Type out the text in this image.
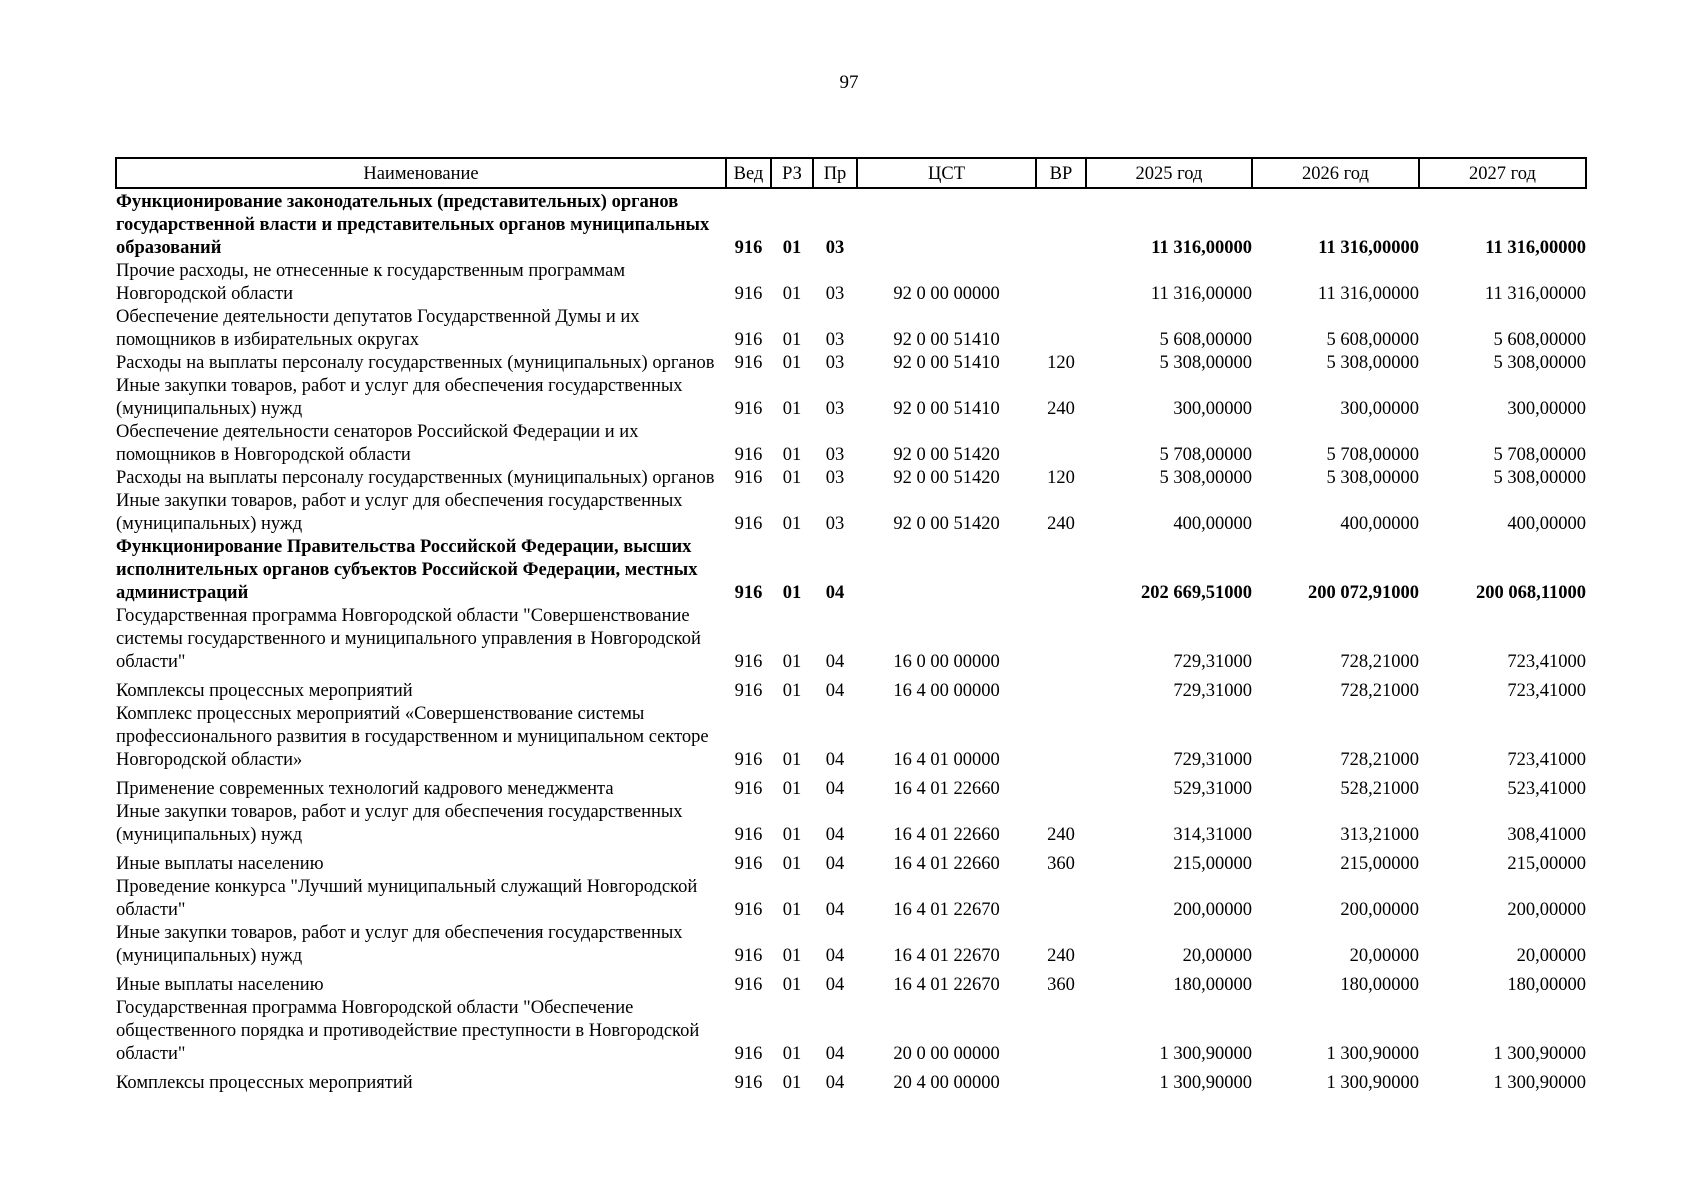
97
Наименование	Вед	РЗ	Пр	ЦСТ	ВР	2025 год	2026 год	2027 год
Функционирование законодательных (представительных) органов государственной власти и представительных органов муниципальных образований	916	01	03			11 316,00000	11 316,00000	11 316,00000
Прочие расходы, не отнесенные к государственным программам Новгородской области	916	01	03	92 0 00 00000		11 316,00000	11 316,00000	11 316,00000
Обеспечение деятельности депутатов Государственной Думы и их помощников в избирательных округах	916	01	03	92 0 00 51410		5 608,00000	5 608,00000	5 608,00000
Расходы на выплаты персоналу государственных (муниципальных) органов	916	01	03	92 0 00 51410	120	5 308,00000	5 308,00000	5 308,00000
Иные закупки товаров, работ и услуг для обеспечения государственных (муниципальных) нужд	916	01	03	92 0 00 51410	240	300,00000	300,00000	300,00000
Обеспечение деятельности сенаторов Российской Федерации и их помощников в Новгородской области	916	01	03	92 0 00 51420		5 708,00000	5 708,00000	5 708,00000
Расходы на выплаты персоналу государственных (муниципальных) органов	916	01	03	92 0 00 51420	120	5 308,00000	5 308,00000	5 308,00000
Иные закупки товаров, работ и услуг для обеспечения государственных (муниципальных) нужд	916	01	03	92 0 00 51420	240	400,00000	400,00000	400,00000
Функционирование Правительства Российской Федерации, высших исполнительных органов субъектов Российской Федерации, местных администраций	916	01	04			202 669,51000	200 072,91000	200 068,11000
Государственная программа Новгородской области "Совершенствование системы государственного и муниципального управления в Новгородской области"	916	01	04	16 0 00 00000		729,31000	728,21000	723,41000
Комплексы процессных мероприятий	916	01	04	16 4 00 00000		729,31000	728,21000	723,41000
Комплекс процессных мероприятий «Совершенствование системы профессионального развития в государственном и муниципальном секторе Новгородской области»	916	01	04	16 4 01 00000		729,31000	728,21000	723,41000
Применение современных технологий кадрового менеджмента	916	01	04	16 4 01 22660		529,31000	528,21000	523,41000
Иные закупки товаров, работ и услуг для обеспечения государственных (муниципальных) нужд	916	01	04	16 4 01 22660	240	314,31000	313,21000	308,41000
Иные выплаты населению	916	01	04	16 4 01 22660	360	215,00000	215,00000	215,00000
Проведение конкурса "Лучший муниципальный служащий Новгородской области"	916	01	04	16 4 01 22670		200,00000	200,00000	200,00000
Иные закупки товаров, работ и услуг для обеспечения государственных (муниципальных) нужд	916	01	04	16 4 01 22670	240	20,00000	20,00000	20,00000
Иные выплаты населению	916	01	04	16 4 01 22670	360	180,00000	180,00000	180,00000
Государственная программа Новгородской области "Обеспечение общественного порядка и противодействие преступности в Новгородской области"	916	01	04	20 0 00 00000		1 300,90000	1 300,90000	1 300,90000
Комплексы процессных мероприятий	916	01	04	20 4 00 00000		1 300,90000	1 300,90000	1 300,90000
